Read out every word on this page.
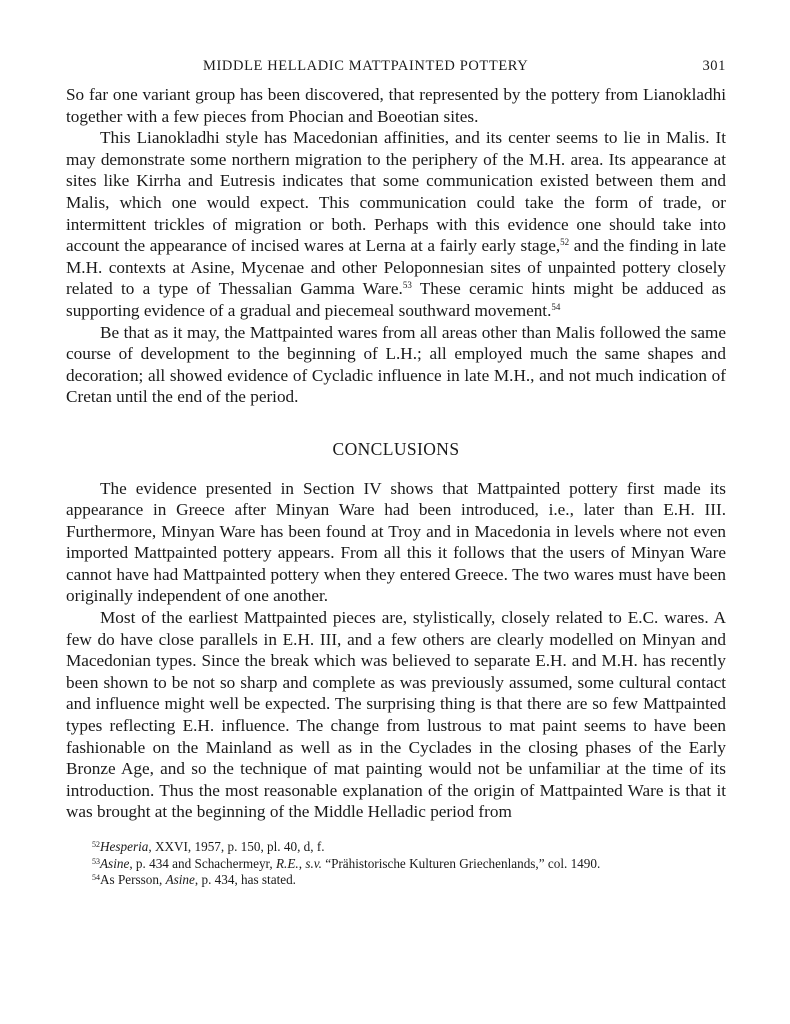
MIDDLE HELLADIC MATTPAINTED POTTERY	301

So far one variant group has been discovered, that represented by the pottery from Lianokladhi together with a few pieces from Phocian and Boeotian sites.

This Lianokladhi style has Macedonian affinities, and its center seems to lie in Malis. It may demonstrate some northern migration to the periphery of the M.H. area. Its appearance at sites like Kirrha and Eutresis indicates that some communication existed between them and Malis, which one would expect. This communication could take the form of trade, or intermittent trickles of migration or both. Perhaps with this evidence one should take into account the appearance of incised wares at Lerna at a fairly early stage,$^{52}$ and the finding in late M.H. contexts at Asine, Mycenae and other Peloponnesian sites of unpainted pottery closely related to a type of Thessalian Gamma Ware.$^{53}$ These ceramic hints might be adduced as supporting evidence of a gradual and piecemeal southward movement.$^{54}$

Be that as it may, the Mattpainted wares from all areas other than Malis followed the same course of development to the beginning of L.H.; all employed much the same shapes and decoration; all showed evidence of Cycladic influence in late M.H., and not much indication of Cretan until the end of the period.

CONCLUSIONS

The evidence presented in Section IV shows that Mattpainted pottery first made its appearance in Greece after Minyan Ware had been introduced, i.e., later than E.H. III. Furthermore, Minyan Ware has been found at Troy and in Macedonia in levels where not even imported Mattpainted pottery appears. From all this it follows that the users of Minyan Ware cannot have had Mattpainted pottery when they entered Greece. The two wares must have been originally independent of one another.

Most of the earliest Mattpainted pieces are, stylistically, closely related to E.C. wares. A few do have close parallels in E.H. III, and a few others are clearly modelled on Minyan and Macedonian types. Since the break which was believed to separate E.H. and M.H. has recently been shown to be not so sharp and complete as was previously assumed, some cultural contact and influence might well be expected. The surprising thing is that there are so few Mattpainted types reflecting E.H. influence. The change from lustrous to mat paint seems to have been fashionable on the Mainland as well as in the Cyclades in the closing phases of the Early Bronze Age, and so the technique of mat painting would not be unfamiliar at the time of its introduction. Thus the most reasonable explanation of the origin of Mattpainted Ware is that it was brought at the beginning of the Middle Helladic period from

$^{52}$Hesperia, XXVI, 1957, p. 150, pl. 40, d, f.

$^{53}$Asine, p. 434 and Schachermeyr, R.E., s.v. “Prähistorische Kulturen Griechenlands,” col. 1490.

$^{54}$As Persson, Asine, p. 434, has stated.
